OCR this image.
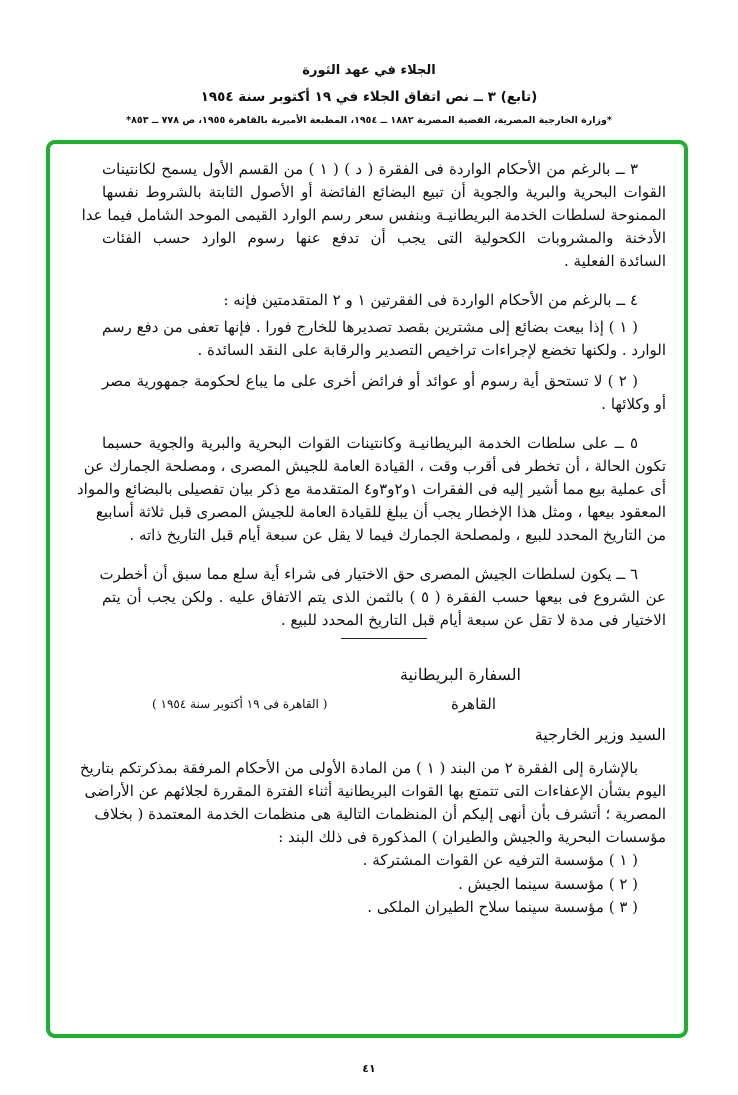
الجلاء في عهد الثورة
(تابع) ٣ ــ نص اتفاق الجلاء في ١٩ أكتوبر سنة ١٩٥٤
*وزارة الخارجية المصرية، القضية المصرية ١٨٨٢ ــ ١٩٥٤، المطبعة الأميرية بالقاهرة ١٩٥٥، ص ٧٧٨ ــ ٨٥٣*
٣ ــ بالرغم من الأحكام الواردة فى الفقرة ( د ) ( ١ ) من القسم الأول يسمح لكانتينات
القوات البحرية والبرية والجوية أن تبيع البضائع الفائضة أو الأصول الثابتة بالشروط نفسها
الممنوحة لسلطات الخدمة البريطانيـة وبنفس سعر رسم الوارد القيمى الموحد الشامل فيما عدا
الأدخنة والمشروبات الكحولية التى يجب أن تدفع عنها رسوم الوارد حسب الفئات
السائدة الفعلية .
٤ ــ بالرغم من الأحكام الواردة فى الفقرتين ١ و ٢ المتقدمتين فإنه :
( ١ ) إذا بيعت بضائع إلى مشترين بقصد تصديرها للخارج فورا . فإنها تعفى من دفع رسم
الوارد . ولكنها تخضع لإجراءات تراخيص التصدير والرقابة على النقد السائدة .
( ٢ ) لا تستحق أية رسوم أو عوائد أو فرائض أخرى على ما يباع لحكومة جمهورية مصر
أو وكلائها .
٥ ــ على سلطات الخدمة البريطانيـة وكانتينات القوات البحرية والبرية والجوية حسبما
تكون الحالة ، أن تخطر فى أقرب وقت ، القيادة العامة للجيش المصرى ، ومصلحة الجمارك عن
أى عملية بيع مما أشير إليه فى الفقرات ١و٢و٣و٤ المتقدمة مع ذكر بيان تفصيلى بالبضائع والمواد
المعقود بيعها ، ومثل هذا الإخطار يجب أن يبلغ للقيادة العامة للجيش المصرى قبل ثلاثة أسابيع
من التاريخ المحدد للبيع ، ولمصلحة الجمارك فيما لا يقل عن سبعة أيام قبل التاريخ ذاته .
٦ ــ يكون لسلطات الجيش المصرى حق الاختيار فى شراء أية سلع مما سبق أن أخطرت
عن الشروع فى بيعها حسب الفقرة ( ٥ ) بالثمن الذى يتم الاتفاق عليه . ولكن يجب أن يتم
الاختيار فى مدة لا تقل عن سبعة أيام قبل التاريخ المحدد للبيع .
السفارة البريطانية
القاهرة
( القاهرة فى ١٩ أكتوبر سنة ١٩٥٤ )
السيد وزير الخارجية
بالإشارة إلى الفقرة ٢ من البند ( ١ ) من المادة الأولى من الأحكام المرفقة بمذكرتكم بتاريخ
اليوم بشأن الإعفاءات التى تتمتع بها القوات البريطانية أثناء الفترة المقررة لجلائهم عن الأراضى
المصرية ؛ أتشرف بأن أنهى إليكم أن المنظمات التالية هى منظمات الخدمة المعتمدة ( بخلاف
مؤسسات البحرية والجيش والطيران ) المذكورة فى ذلك البند :
( ١ ) مؤسسة الترفيه عن القوات المشتركة .
( ٢ ) مؤسسة سينما الجيش .
( ٣ ) مؤسسة سينما سلاح الطيران الملكى .
٤١
